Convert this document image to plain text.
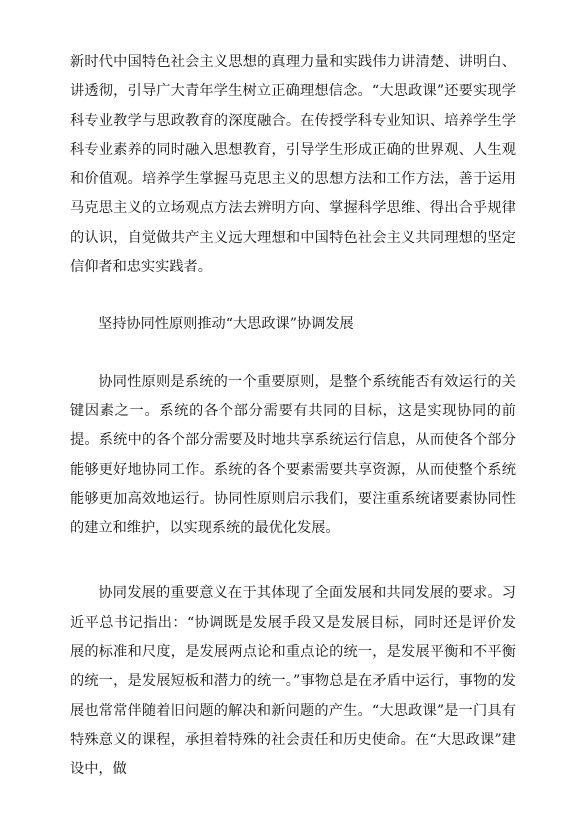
新时代中国特色社会主义思想的真理力量和实践伟力讲清楚、讲明白、讲透彻，引导广大青年学生树立正确理想信念。“大思政课”还要实现学科专业教学与思政教育的深度融合。在传授学科专业知识、培养学生学科专业素养的同时融入思想教育，引导学生形成正确的世界观、人生观和价值观。培养学生掌握马克思主义的思想方法和工作方法，善于运用马克思主义的立场观点方法去辨明方向、掌握科学思维、得出合乎规律的认识，自觉做共产主义远大理想和中国特色社会主义共同理想的坚定信仰者和忠实实践者。

坚持协同性原则推动“大思政课”协调发展

协同性原则是系统的一个重要原则，是整个系统能否有效运行的关键因素之一。系统的各个部分需要有共同的目标，这是实现协同的前提。系统中的各个部分需要及时地共享系统运行信息，从而使各个部分能够更好地协同工作。系统的各个要素需要共享资源，从而使整个系统能够更加高效地运行。协同性原则启示我们，要注重系统诸要素协同性的建立和维护，以实现系统的最优化发展。

协同发展的重要意义在于其体现了全面发展和共同发展的要求。习近平总书记指出：“协调既是发展手段又是发展目标，同时还是评价发展的标准和尺度，是发展两点论和重点论的统一，是发展平衡和不平衡的统一，是发展短板和潜力的统一。”事物总是在矛盾中运行，事物的发展也常常伴随着旧问题的解决和新问题的产生。“大思政课”是一门具有特殊意义的课程，承担着特殊的社会责任和历史使命。在“大思政课”建设中，做
